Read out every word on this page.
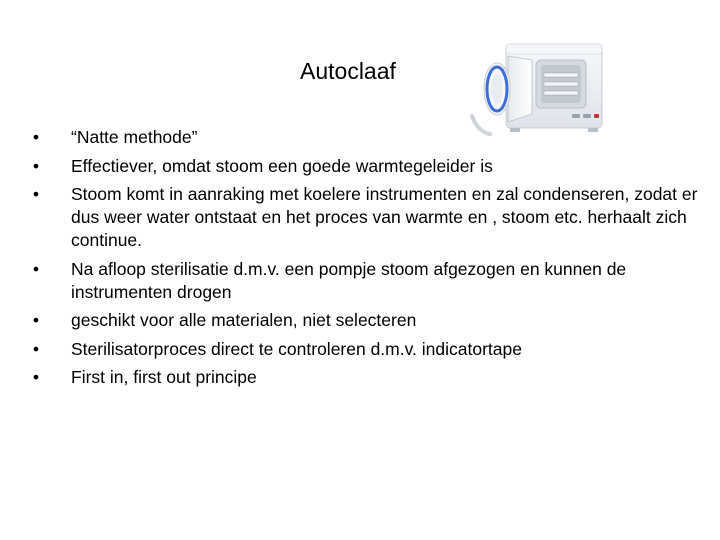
Autoclaaf
• “Natte methode”
• Effectiever, omdat stoom een goede warmtegeleider is
• Stoom komt in aanraking met koelere instrumenten en zal condenseren, zodat er dus weer water ontstaat en het proces van warmte en , stoom etc. herhaalt zich continue.
• Na afloop sterilisatie d.m.v. een pompje stoom afgezogen en kunnen de instrumenten drogen
• geschikt voor alle materialen, niet selecteren
• Sterilisatorproces direct te controleren d.m.v. indicatortape
• First in, first out principe
